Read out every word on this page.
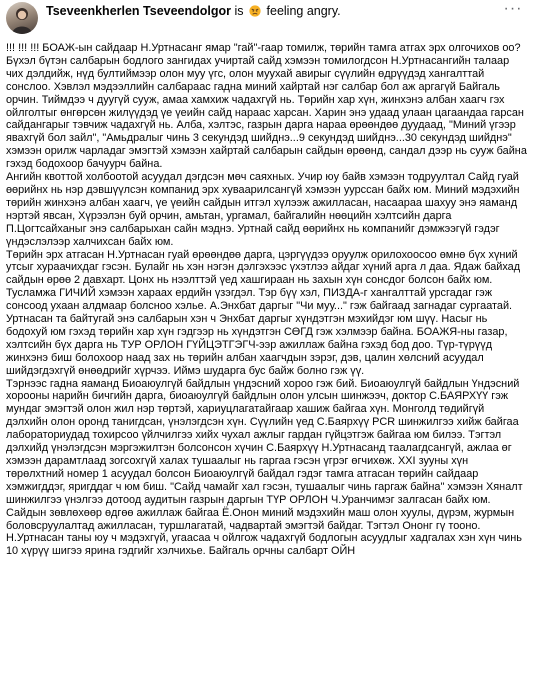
Tseveenkherlen Tseveendolgor is feeling angry.	···

!!! !!! !!! БОАЖ-ын сайдаар Н.Уртнасанг ямар "гай"-гаар томилж, төрийн тамга атгах эрх олгочихов оо? Бүхэл бүтэн салбарын бодлого зангидах учиртай сайд хэмээн томилогдсон Н.Уртнасангийн талаар чих дэлдийж, нүд бултиймээр олон муу үгс, олон муухай авирыг сүүлийн өдрүүдэд хангалттай сонслоо. Хэвлэл мэдээллийн салбараас гадна миний хайртай нэг салбар бол аж аргагүй Байгаль орчин. Тиймдээ ч дуугүй сууж, амаа хамхиж чадахгүй нь. Төрийн хар хүн, жинхэнэ албан хаагч гэх ойлголтыг өнгөрсөн жилүүдэд үе үеийн сайд нараас харсан. Харин энэ удаад улаан цагаандаа гарсан сайдангарыг тэвчиж чадахгүй нь. Алба, хэлтэс, газрын дарга нараа өрөөндөө дуудаад, "Миний үгээр явахгүй бол зайл", "Амьдралыг чинь 3 секундэд шийднэ...9 секундэд шийднэ...30 секундэд шийднэ" хэмээн орилж чарладаг эмэгтэй хэмээн хайртай салбарын сайдын өрөөнд, сандал дээр нь сууж байна гэхэд бодохоор бачуурч байна.

Ангийн квоттой холбоотой асуудал дэгдсэн мөч саяхных. Учир юу байв хэмээн тодруултал Сайд гуай өөрийнх нь нэр дэвшүүлсэн компанид эрх хуваарилсангүй хэмээн уурссан байх юм. Миний мэдэхийн төрийн жинхэнэ албан хаагч, үе үеийн сайдын итгэл хүлээж ажилласан, насаараа шахуу энэ яаманд нэртэй явсан, Хүрээлэн буй орчин, амьтан, ургамал, байгалийн нөөцийн хэлтсийн дарга П.Цогтсайханыг энэ салбарыхан сайн мэднэ. Уртнай сайд өөрийнх нь компанийг дэмжээгүй гэдэг үндэслэлээр халчихсан байх юм.

Төрийн эрх атгасан Н.Уртнасан гуай өрөөндөө дарга, цэргүүдээ оруулж орилохоосоо өмнө бүх хүний утсыг хураачихдаг гэсэн. Булайг нь хэн нэгэн дэлгэхээс үхэтлээ айдаг хүний арга л даа. Ядаж байхад сайдын өрөө 2 давхарт. Цонх нь нээлттэй үед хашгираан нь захын хүн сонсдог болсон байх юм. Тусламжа ГИЧИЙ хэмээн хараах ердийн үзэгдэл. Тэр бүү хэл, ПИЗДА-г хангалттай урсгадаг гэж сонсоод ухаан алдмаар болсноо хэлье. А.Энхбат даргыг "Чи муу..." гэж байгаад загнадаг сургаатай. Уртнасан та байтугай энэ салбарын хэн ч Энхбат даргыг хүндэтгэн мэхийдэг юм шүү. Насыг нь бодохуй юм гэхэд төрийн хар хүн гэдгээр нь хүндэтгэн СӨГД гэж хэлмээр байна. БОАЖЯ-ны газар, хэлтсийн бүх дарга нь ТУР ОРЛОН ГҮЙЦЭТГЭГЧ-ээр ажиллаж байна гэхэд бод доо. Түр-түрүүд жинхэнэ биш болохоор наад зах нь төрийн албан хаагчдын зэрэг, дэв, цалин хөлсний асуудал шийдэгдэхгүй өнөөдрийг хүрчээ. Иймэ шударга бус байж болно гэж үү.

Тэрнээс гадна яаманд Биоаюулгүй байдлын үндэсний хороо гэж бий. Биоаюулгүй байдлын Үндэсний хорооны нарийн бичгийн дарга, биоаюулгүй байдлын олон улсын шинжээч, доктор С.БАЯРХҮҮ гэж мундаг эмэгтэй олон жил нэр төртэй, хариуцлагатайгаар хашиж байгаа хүн. Монголд төдийгүй дэлхийн олон оронд танигдсан, үнэлэгдсэн хүн. Сүүлийн үед С.Баярхүү PCR шинжилгээ хийж байгаа лабораториудад тохирсоо үйлчилгээ хийх чухал ажлыг гардан гүйцэтгэж байгаа юм билээ. Тэгтэл дэлхийд үнэлэгдсэн мэргэжилтэн болсонсон хүчин С.Баярхүү Н.Уртнасанд таалагдсангүй, ажлаа өг хэмээн дарамтлаад зогсохгүй халах тушаалыг нь гаргаа гэсэн үгрэг өгчихөж. XXI зууны хүн төрөлхтний номер 1 асуудал болсон Биоаюулгүй байдал гэдэг тамга атгасан төрийн сайдаар хэмжигддэг, яригддаг ч юм биш. "Сайд чамайг хал гэсэн, тушаалыг чинь гаргаж байна" хэмээн Хяналт шинжилгээ үнэлгээ дотоод аудитын газрын даргын ТҮР ОРЛОН Ч.Уранчимэг залгасан байх юм.

Сайдын зөвлөхөөр өдгөө ажиллаж байгаа Ё.Онон миний мэдэхийн маш олон хуулы, дүрэм, журмын боловсруулалтад ажилласан, туршлагатай, чадвартай эмэгтэй байдаг. Тэгтэл Ононг гү тооно. Н.Уртнасан таны юу ч мэдэхгүй, угаасаа ч ойлгож чадахгүй бодлогын асуудлыг хадгалах хэн хүн чинь 10 хүрүү шигээ ярина гэдгийг хэлчихье. Байгаль орчны салбарт ОЙН
